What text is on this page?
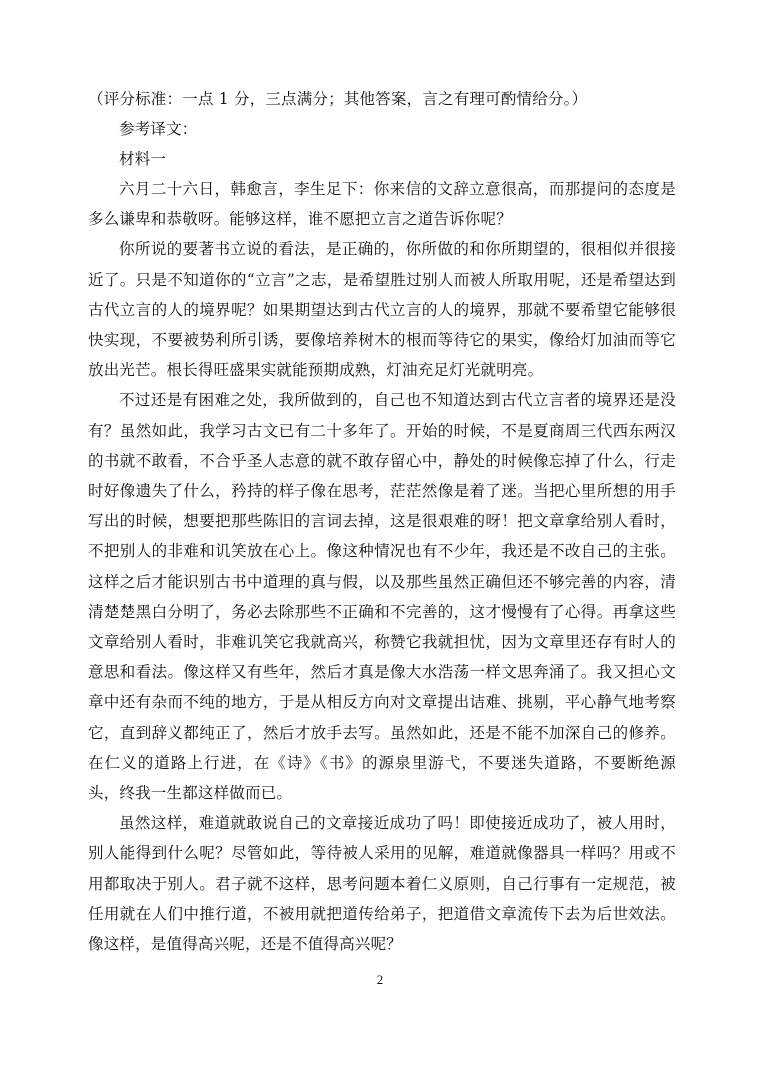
（评分标准：一点 1 分，三点满分；其他答案，言之有理可酌情给分。）
参考译文：
材料一

六月二十六日，韩愈言，李生足下：你来信的文辞立意很高，而那提问的态度是多么谦卑和恭敬呀。能够这样，谁不愿把立言之道告诉你呢？

你所说的要著书立说的看法，是正确的，你所做的和你所期望的，很相似并很接近了。只是不知道你的“立言”之志，是希望胜过别人而被人所取用呢，还是希望达到古代立言的人的境界呢？如果期望达到古代立言的人的境界，那就不要希望它能够很快实现，不要被势利所引诱，要像培养树木的根而等待它的果实，像给灯加油而等它放出光芒。根长得旺盛果实就能预期成熟，灯油充足灯光就明亮。

不过还是有困难之处，我所做到的，自己也不知道达到古代立言者的境界还是没有？虽然如此，我学习古文已有二十多年了。开始的时候，不是夏商周三代西东两汉的书就不敢看，不合乎圣人志意的就不敢存留心中，静处的时候像忘掉了什么，行走时好像遗失了什么，矜持的样子像在思考，茫茫然像是着了迷。当把心里所想的用手写出的时候，想要把那些陈旧的言词去掉，这是很艰难的呀！把文章拿给别人看时，不把别人的非难和讥笑放在心上。像这种情况也有不少年，我还是不改自己的主张。这样之后才能识别古书中道理的真与假，以及那些虽然正确但还不够完善的内容，清清楚楚黑白分明了，务必去除那些不正确和不完善的，这才慢慢有了心得。再拿这些文章给别人看时，非难讥笑它我就高兴，称赞它我就担忧，因为文章里还存有时人的意思和看法。像这样又有些年，然后才真是像大水浩荡一样文思奔涌了。我又担心文章中还有杂而不纯的地方，于是从相反方向对文章提出诘难、挑剔，平心静气地考察它，直到辞义都纯正了，然后才放手去写。虽然如此，还是不能不加深自己的修养。在仁义的道路上行进，在《诗》《书》的源泉里游弋，不要迷失道路，不要断绝源头，终我一生都这样做而已。

虽然这样，难道就敢说自己的文章接近成功了吗！即使接近成功了，被人用时，别人能得到什么呢？尽管如此，等待被人采用的见解，难道就像器具一样吗？用或不用都取决于别人。君子就不这样，思考问题本着仁义原则，自己行事有一定规范，被任用就在人们中推行道，不被用就把道传给弟子，把道借文章流传下去为后世效法。像这样，是值得高兴呢，还是不值得高兴呢？

2
